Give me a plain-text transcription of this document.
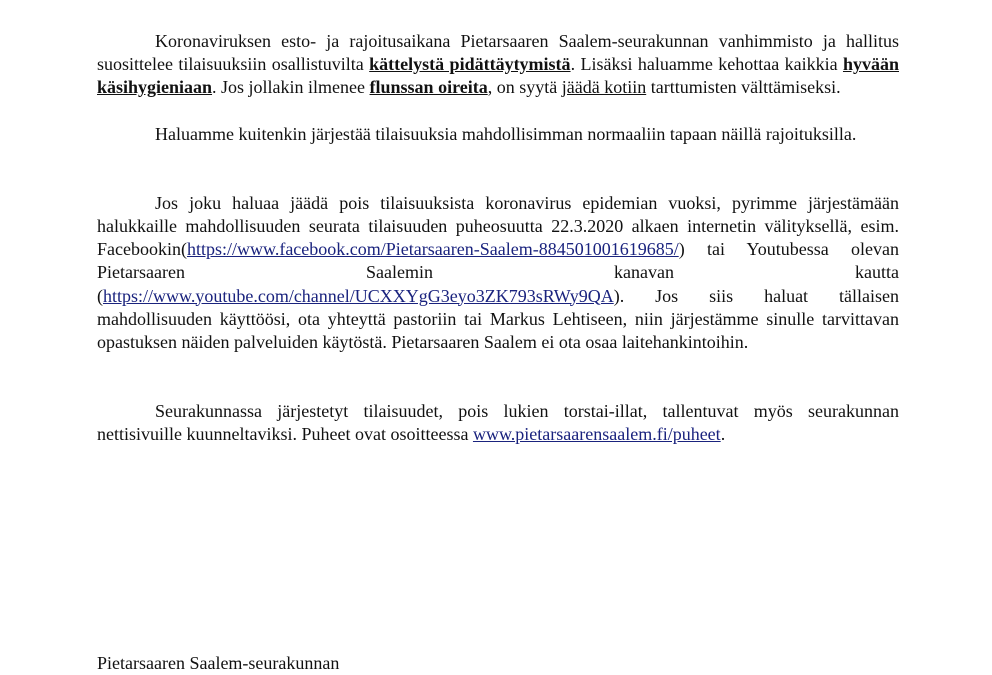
Koronaviruksen esto- ja rajoitusaikana Pietarsaaren Saalem-seurakunnan vanhimmisto ja hallitus suosittelee tilaisuuksiin osallistuvilta kättelystä pidättäytymistä. Lisäksi haluamme kehottaa kaikkia hyvään käsihygieniaan. Jos jollakin ilmenee flunssan oireita, on syytä jäädä kotiin tarttumisten välttämiseksi.

Haluamme kuitenkin järjestää tilaisuuksia mahdollisimman normaaliin tapaan näillä rajoituksilla.

Jos joku haluaa jäädä pois tilaisuuksista koronavirus epidemian vuoksi, pyrimme järjestämään halukkaille mahdollisuuden seurata tilaisuuden puheosuutta 22.3.2020 alkaen internetin välityksellä, esim. Facebookin(https://www.facebook.com/Pietarsaaren-Saalem-884501001619685/) tai Youtubessa olevan Pietarsaaren Saalemin kanavan kautta (https://www.youtube.com/channel/UCXXYgG3eyo3ZK793sRWy9QA). Jos siis haluat tällaisen mahdollisuuden käyttöösi, ota yhteyttä pastoriin tai Markus Lehtiseen, niin järjestämme sinulle tarvittavan opastuksen näiden palveluiden käytöstä. Pietarsaaren Saalem ei ota osaa laitehankintoihin.

Seurakunnassa järjestetyt tilaisuudet, pois lukien torstai-illat, tallentuvat myös seurakunnan nettisivuille kuunneltaviksi. Puheet ovat osoitteessa www.pietarsaarensaalem.fi/puheet.

Pietarsaaren Saalem-seurakunnan
